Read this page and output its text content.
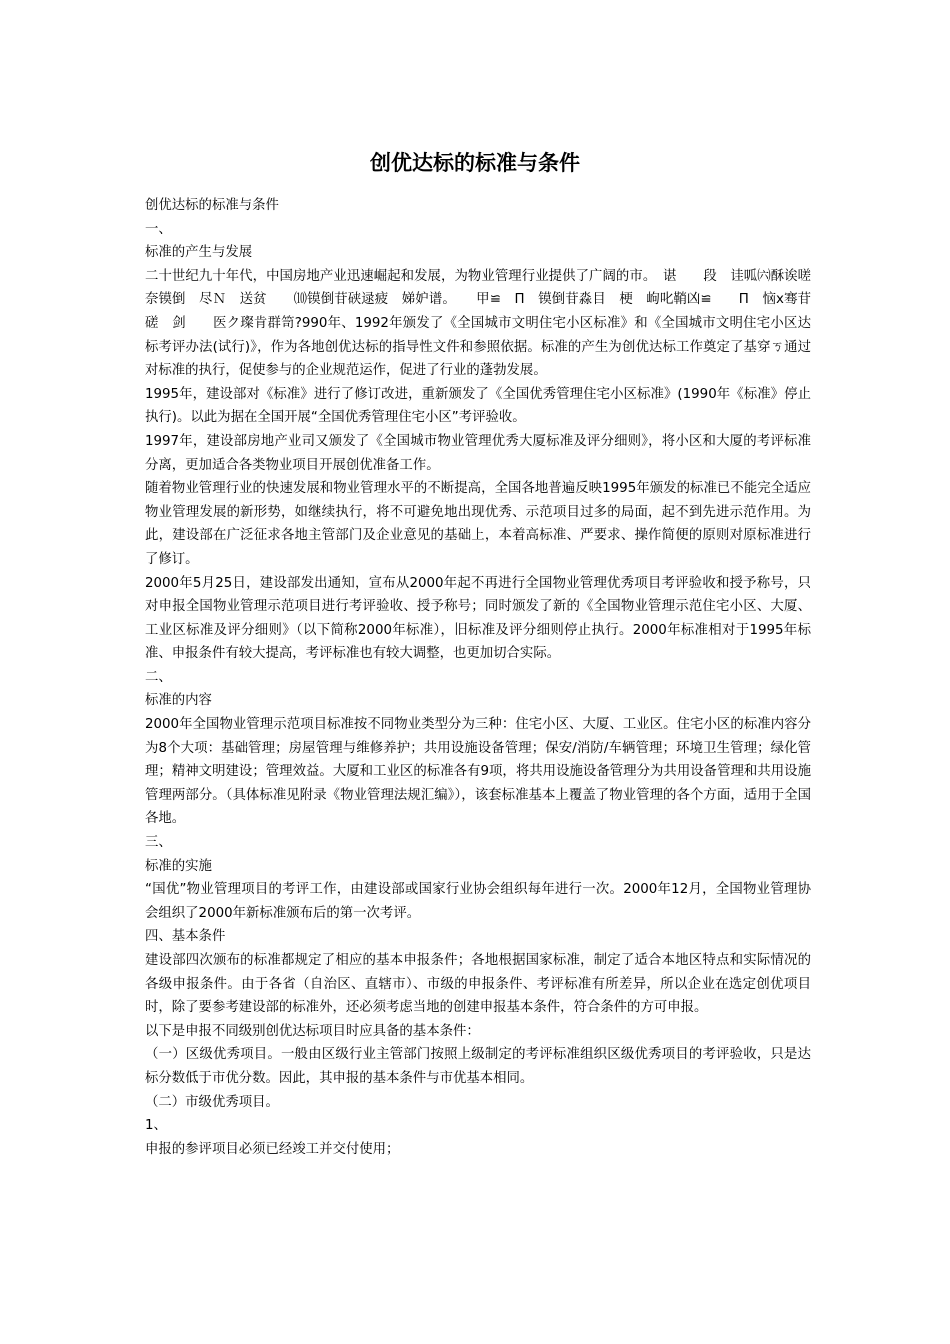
创优达标的标准与条件

创优达标的标准与条件

一、

标准的产生与发展

二十世纪九十年代，中国房地产业迅速崛起和发展，为物业管理行业提供了广阔的市。　谌　　段　诖呱㈥酥诶嗟奈镆倒　尽Ｎ　送贫　　⑽镆倒苷硖逯疲　娣妒谱。　　甲≌　Π　镆倒苷淼目　梗　岣叱鞘凶≌　　Π　恼ⅹ骞苷磋　剑　　医ク璨肯群笥?990年、1992年颁发了《全国城市文明住宅小区标准》和《全国城市文明住宅小区达标考评办法(试行)》，作为各地创优达标的指导性文件和参照依据。标准的产生为创优达标工作奠定了基穿ㄎ通过对标准的执行，促使参与的企业规范运作，促进了行业的蓬勃发展。

1995年，建设部对《标准》进行了修订改进，重新颁发了《全国优秀管理住宅小区标准》(1990年《标准》停止执行)。以此为据在全国开展“全国优秀管理住宅小区”考评验收。

1997年，建设部房地产业司又颁发了《全国城市物业管理优秀大厦标准及评分细则》，将小区和大厦的考评标准分离，更加适合各类物业项目开展创优准备工作。

随着物业管理行业的快速发展和物业管理水平的不断提高，全国各地普遍反映1995年颁发的标准已不能完全适应物业管理发展的新形势，如继续执行，将不可避免地出现优秀、示范项目过多的局面，起不到先进示范作用。为此，建设部在广泛征求各地主管部门及企业意见的基础上，本着高标准、严要求、操作简便的原则对原标准进行了修订。

2000年5月25日，建设部发出通知，宣布从2000年起不再进行全国物业管理优秀项目考评验收和授予称号，只对申报全国物业管理示范项目进行考评验收、授予称号；同时颁发了新的《全国物业管理示范住宅小区、大厦、工业区标准及评分细则》（以下简称2000年标准），旧标准及评分细则停止执行。2000年标准相对于1995年标准、申报条件有较大提高，考评标准也有较大调整，也更加切合实际。

二、

标准的内容

2000年全国物业管理示范项目标准按不同物业类型分为三种：住宅小区、大厦、工业区。住宅小区的标准内容分为8个大项：基础管理；房屋管理与维修养护；共用设施设备管理；保安/消防/车辆管理；环境卫生管理；绿化管理；精神文明建设；管理效益。大厦和工业区的标准各有9项，将共用设施设备管理分为共用设备管理和共用设施管理两部分。（具体标准见附录《物业管理法规汇编》），该套标准基本上覆盖了物业管理的各个方面，适用于全国各地。

三、

标准的实施

“国优”物业管理项目的考评工作，由建设部或国家行业协会组织每年进行一次。2000年12月，全国物业管理协会组织了2000年新标准颁布后的第一次考评。

四、基本条件

建设部四次颁布的标准都规定了相应的基本申报条件；各地根据国家标准，制定了适合本地区特点和实际情况的各级申报条件。由于各省（自治区、直辖市）、市级的申报条件、考评标准有所差异，所以企业在选定创优项目时，除了要参考建设部的标准外，还必须考虑当地的创建申报基本条件，符合条件的方可申报。

以下是申报不同级别创优达标项目时应具备的基本条件：

（一）区级优秀项目。一般由区级行业主管部门按照上级制定的考评标准组织区级优秀项目的考评验收，只是达标分数低于市优分数。因此，其申报的基本条件与市优基本相同。

（二）市级优秀项目。

1、

申报的参评项目必须已经竣工并交付使用；
